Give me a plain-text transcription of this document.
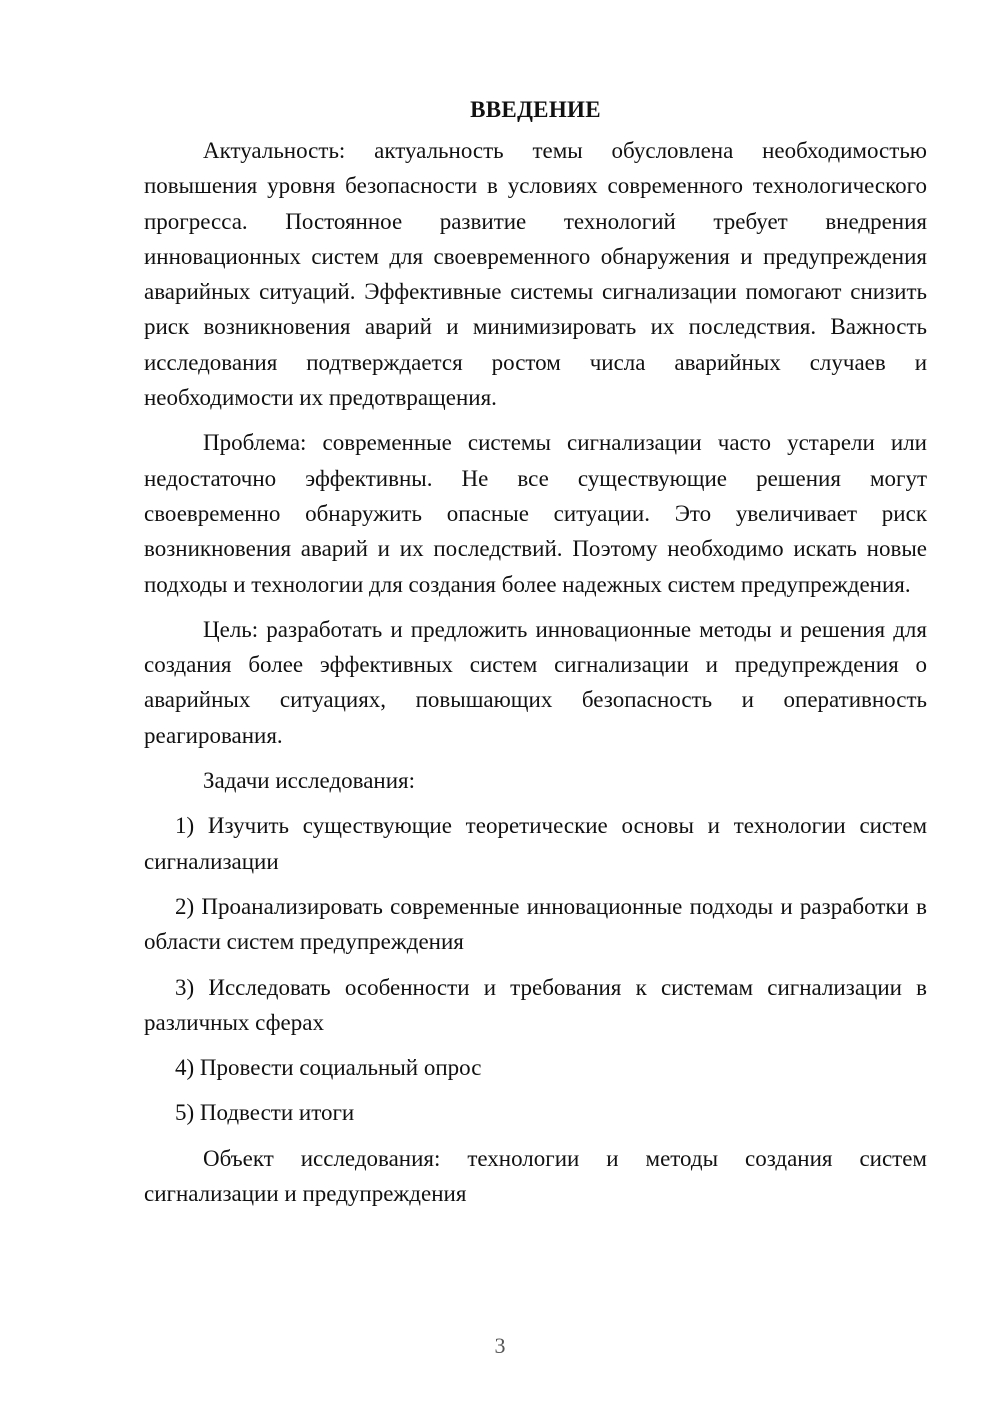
ВВЕДЕНИЕ

Актуальность: актуальность темы обусловлена необходимостью повышения уровня безопасности в условиях современного технологического прогресса. Постоянное развитие технологий требует внедрения инновационных систем для своевременного обнаружения и предупреждения аварийных ситуаций. Эффективные системы сигнализации помогают снизить риск возникновения аварий и минимизировать их последствия. Важность исследования подтверждается ростом числа аварийных случаев и необходимости их предотвращения.

Проблема: современные системы сигнализации часто устарели или недостаточно эффективны. Не все существующие решения могут своевременно обнаружить опасные ситуации. Это увеличивает риск возникновения аварий и их последствий. Поэтому необходимо искать новые подходы и технологии для создания более надежных систем предупреждения.

Цель: разработать и предложить инновационные методы и решения для создания более эффективных систем сигнализации и предупреждения о аварийных ситуациях, повышающих безопасность и оперативность реагирования.

Задачи исследования:

1) Изучить существующие теоретические основы и технологии систем сигнализации

2) Проанализировать современные инновационные подходы и разработки в области систем предупреждения

3) Исследовать особенности и требования к системам сигнализации в различных сферах

4) Провести социальный опрос

5) Подвести итоги

Объект исследования: технологии и методы создания систем сигнализации и предупреждения

3
